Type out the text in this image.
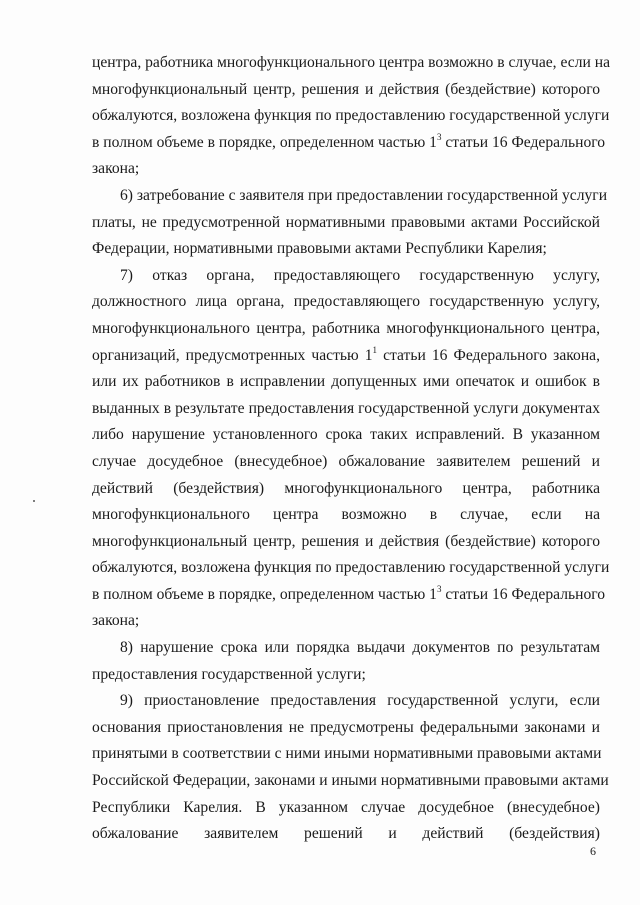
центра, работника многофункционального центра возможно в случае, если на
многофункциональный центр, решения и действия (бездействие) которого
обжалуются, возложена функция по предоставлению государственной услуги
в полном объеме в порядке, определенном частью $1^3$ статьи 16 Федерального
закона;
6) затребование с заявителя при предоставлении государственной услуги
платы, не предусмотренной нормативными правовыми актами Российской
Федерации, нормативными правовыми актами Республики Карелия;
7) отказ органа, предоставляющего государственную услугу,
должностного лица органа, предоставляющего государственную услугу,
многофункционального центра, работника многофункционального центра,
организаций, предусмотренных частью $1^1$ статьи 16 Федерального закона,
или их работников в исправлении допущенных ими опечаток и ошибок в
выданных в результате предоставления государственной услуги документах
либо нарушение установленного срока таких исправлений. В указанном
случае досудебное (внесудебное) обжалование заявителем решений и
действий (бездействия) многофункционального центра, работника
многофункционального центра возможно в случае, если на
многофункциональный центр, решения и действия (бездействие) которого
обжалуются, возложена функция по предоставлению государственной услуги
в полном объеме в порядке, определенном частью $1^3$ статьи 16 Федерального
закона;
8) нарушение срока или порядка выдачи документов по результатам
предоставления государственной услуги;
9) приостановление предоставления государственной услуги, если
основания приостановления не предусмотрены федеральными законами и
принятыми в соответствии с ними иными нормативными правовыми актами
Российской Федерации, законами и иными нормативными правовыми актами
Республики Карелия. В указанном случае досудебное (внесудебное)
обжалование заявителем решений и действий (бездействия)
6
